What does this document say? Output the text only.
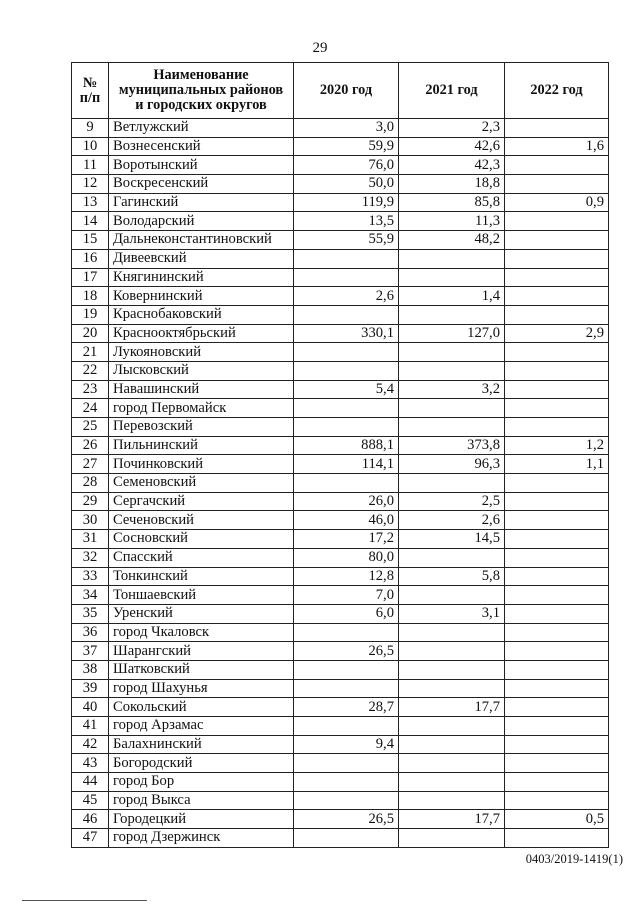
29
№ п/п	Наименование муниципальных районов и городских округов	2020 год	2021 год	2022 год
9	Ветлужский	3,0	2,3	
10	Вознесенский	59,9	42,6	1,6
11	Воротынский	76,0	42,3	
12	Воскресенский	50,0	18,8	
13	Гагинский	119,9	85,8	0,9
14	Володарский	13,5	11,3	
15	Дальнеконстантиновский	55,9	48,2	
16	Дивеевский			
17	Княгининский			
18	Ковернинский	2,6	1,4	
19	Краснобаковский			
20	Краснооктябрьский	330,1	127,0	2,9
21	Лукояновский			
22	Лысковский			
23	Навашинский	5,4	3,2	
24	город Первомайск			
25	Перевозский			
26	Пильнинский	888,1	373,8	1,2
27	Починковский	114,1	96,3	1,1
28	Семеновский			
29	Сергачский	26,0	2,5	
30	Сеченовский	46,0	2,6	
31	Сосновский	17,2	14,5	
32	Спасский	80,0		
33	Тонкинский	12,8	5,8	
34	Тоншаевский	7,0		
35	Уренский	6,0	3,1	
36	город Чкаловск			
37	Шарангский	26,5		
38	Шатковский			
39	город Шахунья			
40	Сокольский	28,7	17,7	
41	город Арзамас			
42	Балахнинский	9,4		
43	Богородский			
44	город Бор			
45	город Выкса			
46	Городецкий	26,5	17,7	0,5
47	город Дзержинск			
0403/2019-1419(1)
